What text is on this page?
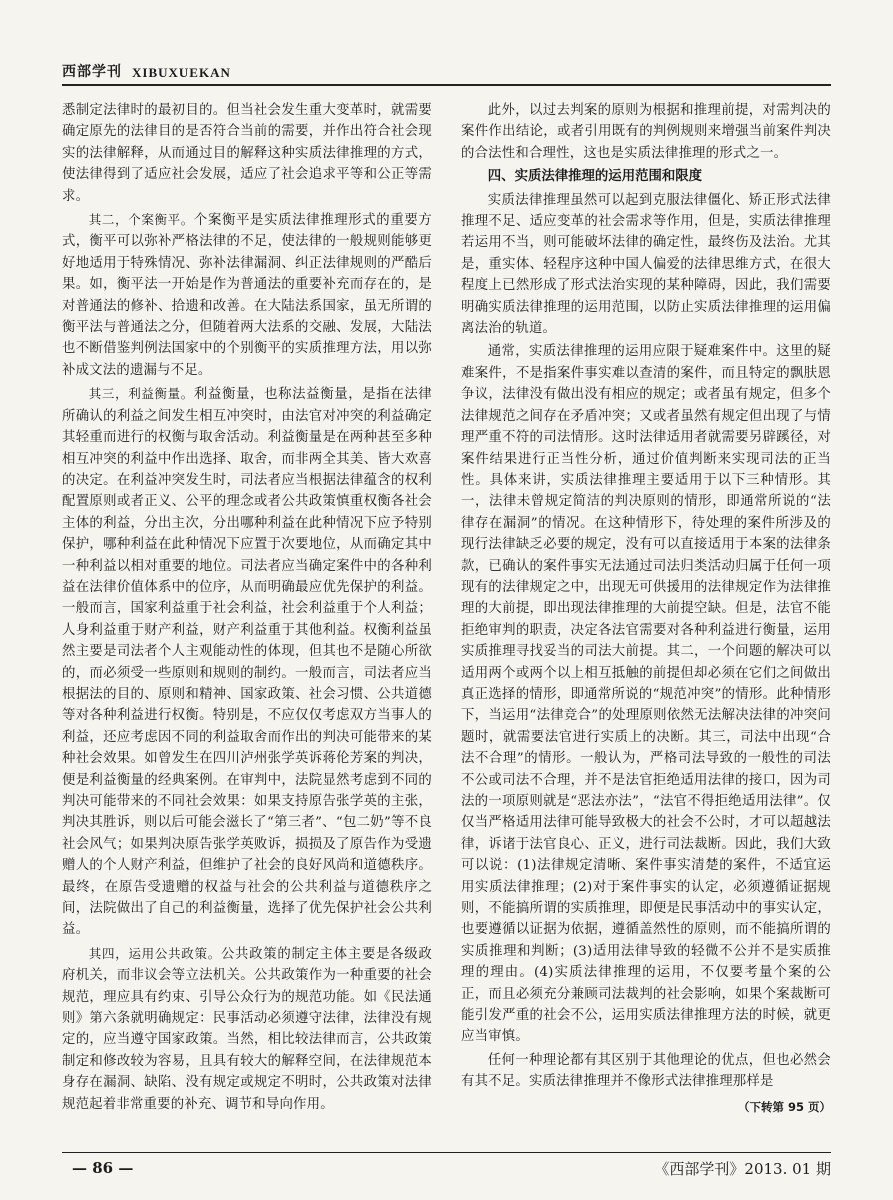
西部学刊 XIBUXUEKAN

悉制定法律时的最初目的。但当社会发生重大变革时，就需要确定原先的法律目的是否符合当前的需要，并作出符合社会现实的法律解释，从而通过目的解释这种实质法律推理的方式，使法律得到了适应社会发展，适应了社会追求平等和公正等需求。

其二，个案衡平。个案衡平是实质法律推理形式的重要方式，衡平可以弥补严格法律的不足，使法律的一般规则能够更好地适用于特殊情况、弥补法律漏洞、纠正法律规则的严酷后果。如，衡平法一开始是作为普通法的重要补充而存在的，是对普通法的修补、拾遗和改善。在大陆法系国家，虽无所谓的衡平法与普通法之分，但随着两大法系的交融、发展，大陆法也不断借鉴判例法国家中的个别衡平的实质推理方法，用以弥补成文法的遗漏与不足。

其三，利益衡量。利益衡量，也称法益衡量，是指在法律所确认的利益之间发生相互冲突时，由法官对冲突的利益确定其轻重而进行的权衡与取舍活动。利益衡量是在两种甚至多种相互冲突的利益中作出选择、取舍，而非两全其美、皆大欢喜的决定。在利益冲突发生时，司法者应当根据法律蕴含的权利配置原则或者正义、公平的理念或者公共政策慎重权衡各社会主体的利益，分出主次，分出哪种利益在此种情况下应予特别保护，哪种利益在此种情况下应置于次要地位，从而确定其中一种利益以相对重要的地位。司法者应当确定案件中的各种利益在法律价值体系中的位序，从而明确最应优先保护的利益。一般而言，国家利益重于社会利益，社会利益重于个人利益；人身利益重于财产利益，财产利益重于其他利益。权衡利益虽然主要是司法者个人主观能动性的体现，但其也不是随心所欲的，而必须受一些原则和规则的制约。一般而言，司法者应当根据法的目的、原则和精神、国家政策、社会习惯、公共道德等对各种利益进行权衡。特别是，不应仅仅考虑双方当事人的利益，还应考虑因不同的利益取舍而作出的判决可能带来的某种社会效果。如曾发生在四川泸州张学英诉蒋伦芳案的判决，便是利益衡量的经典案例。在审判中，法院显然考虑到不同的判决可能带来的不同社会效果：如果支持原告张学英的主张，判决其胜诉，则以后可能会滋长了“第三者”、“包二奶”等不良社会风气；如果判决原告张学英败诉，损损及了原告作为受遗赠人的个人财产利益，但维护了社会的良好风尚和道德秩序。最终，在原告受遗赠的权益与社会的公共利益与道德秩序之间，法院做出了自己的利益衡量，选择了优先保护社会公共利益。

其四，运用公共政策。公共政策的制定主体主要是各级政府机关，而非议会等立法机关。公共政策作为一种重要的社会规范，理应具有约束、引导公众行为的规范功能。如《民法通则》第六条就明确规定：民事活动必须遵守法律，法律没有规定的，应当遵守国家政策。当然，相比较法律而言，公共政策制定和修改较为容易，且具有较大的解释空间，在法律规范本身存在漏洞、缺陷、没有规定或规定不明时，公共政策对法律规范起着非常重要的补充、调节和导向作用。

此外，以过去判案的原则为根据和推理前提，对需判决的案件作出结论，或者引用既有的判例规则来增强当前案件判决的合法性和合理性，这也是实质法律推理的形式之一。

四、实质法律推理的运用范围和限度

实质法律推理虽然可以起到克服法律僵化、矫正形式法律推理不足、适应变革的社会需求等作用，但是，实质法律推理若运用不当，则可能破坏法律的确定性，最终伤及法治。尤其是，重实体、轻程序这种中国人偏爱的法律思维方式，在很大程度上已然形成了形式法治实现的某种障碍，因此，我们需要明确实质法律推理的运用范围，以防止实质法律推理的运用偏离法治的轨道。

通常，实质法律推理的运用应限于疑难案件中。这里的疑难案件，不是指案件事实难以查清的案件，而且特定的飘肤恩争议，法律没有做出没有相应的规定；或者虽有规定，但多个法律规范之间存在矛盾冲突；又或者虽然有规定但出现了与情理严重不符的司法情形。这时法律适用者就需要另辟蹊径，对案件结果进行正当性分析，通过价值判断来实现司法的正当性。具体来讲，实质法律推理主要适用于以下三种情形。其一，法律未曾规定简洁的判决原则的情形，即通常所说的“法律存在漏洞”的情况。在这种情形下，待处理的案件所涉及的现行法律缺乏必要的规定，没有可以直接适用于本案的法律条款，已确认的案件事实无法通过司法归类活动归属于任何一项现有的法律规定之中，出现无可供援用的法律规定作为法律推理的大前提，即出现法律推理的大前提空缺。但是，法官不能拒绝审判的职责，决定各法官需要对各种利益进行衡量，运用实质推理寻找妥当的司法大前提。其二，一个问题的解决可以适用两个或两个以上相互抵触的前提但却必须在它们之间做出真正选择的情形，即通常所说的“规范冲突”的情形。此种情形下，当运用“法律竞合”的处理原则依然无法解决法律的冲突问题时，就需要法官进行实质上的决断。其三，司法中出现“合法不合理”的情形。一般认为，严格司法导致的一般性的司法不公或司法不合理，并不是法官拒绝适用法律的接口，因为司法的一项原则就是“恶法亦法”，“法官不得拒绝适用法律”。仅仅当严格适用法律可能导致极大的社会不公时，才可以超越法律，诉诸于法官良心、正义，进行司法裁断。因此，我们大致可以说：(1)法律规定清晰、案件事实清楚的案件，不适宜运用实质法律推理；(2)对于案件事实的认定，必须遵循证据规则，不能搞所谓的实质推理，即便是民事活动中的事实认定，也要遵循以证据为依据，遵循盖然性的原则，而不能搞所谓的实质推理和判断；(3)适用法律导致的轻微不公并不是实质推理的理由。(4)实质法律推理的运用，不仅要考量个案的公正，而且必须充分兼顾司法裁判的社会影响，如果个案裁断可能引发严重的社会不公，运用实质法律推理方法的时候，就更应当审慎。

任何一种理论都有其区别于其他理论的优点，但也必然会有其不足。实质法律推理并不像形式法律推理那样是

（下转第 95 页）
— 86 —	《西部学刊》2013. 01 期
